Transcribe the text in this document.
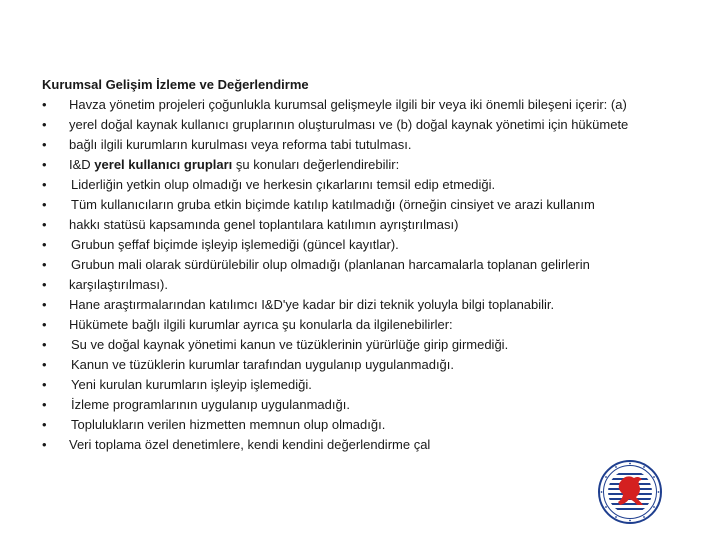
Kurumsal Gelişim İzleme ve Değerlendirme
•	Havza yönetim projeleri çoğunlukla kurumsal gelişmeyle ilgili bir veya iki önemli bileşeni içerir: (a)
•	yerel doğal kaynak kullanıcı gruplarının oluşturulması ve (b) doğal kaynak yönetimi için hükümete
•	bağlı ilgili kurumların kurulması veya reforma tabi tutulması.
•	I&D yerel kullanıcı grupları şu konuları değerlendirebilir:
•	Liderliğin yetkin olup olmadığı ve herkesin çıkarlarını temsil edip etmediği.
•	Tüm kullanıcıların gruba etkin biçimde katılıp katılmadığı (örneğin cinsiyet ve arazi kullanım
•	hakkı statüsü kapsamında genel toplantılara katılımın ayrıştırılması)
•	Grubun şeffaf biçimde işleyip işlemediği (güncel kayıtlar).
•	Grubun mali olarak sürdürülebilir olup olmadığı (planlanan harcamalarla toplanan gelirlerin
•	karşılaştırılması).
•	Hane araştırmalarından katılımcı I&D'ye kadar bir dizi teknik yoluyla bilgi toplanabilir.
•	Hükümete bağlı ilgili kurumlar ayrıca şu konularla da ilgilenebilirler:
•	Su ve doğal kaynak yönetimi kanun ve tüzüklerinin yürürlüğe girip girmediği.
•	Kanun ve tüzüklerin kurumlar tarafından uygulanıp uygulanmadığı.
•	Yeni kurulan kurumların işleyip işlemediği.
•	İzleme programlarının uygulanıp uygulanmadığı.
•	Toplulukların verilen hizmetten memnun olup olmadığı.
•	Veri toplama özel denetimlere, kendi kendini değerlendirme çal
